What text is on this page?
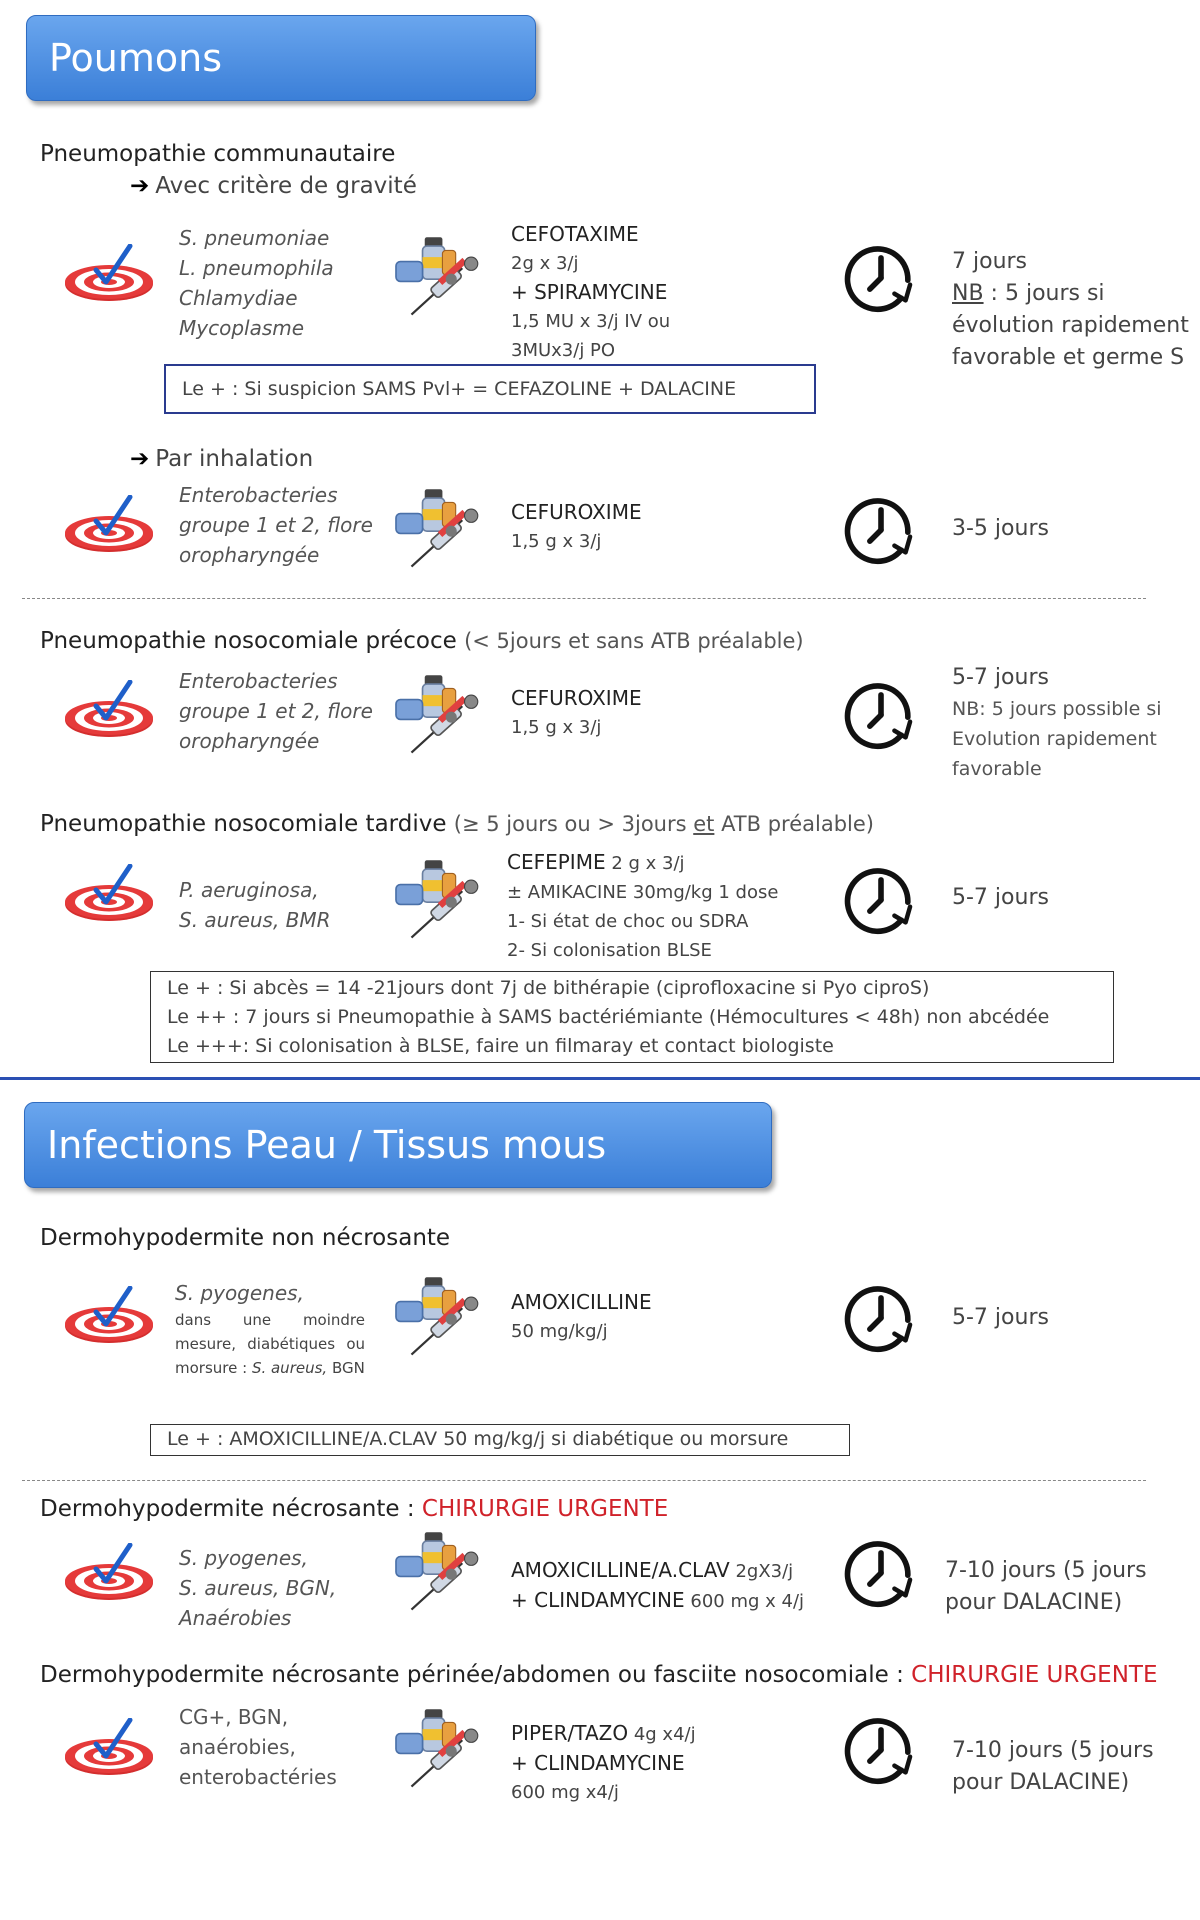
Poumons
Pneumopathie communautaire
➔ Avec critère de gravité
S. pneumoniae
L. pneumophila
Chlamydiae
Mycoplasme
CEFOTAXIME
2g x 3/j
+ SPIRAMYCINE
1,5 MU x 3/j IV ou
3MUx3/j PO
7 jours
NB : 5 jours si
évolution rapidement
favorable et germe S
Le + : Si suspicion SAMS Pvl+ = CEFAZOLINE + DALACINE
➔ Par inhalation
Enterobacteries
groupe 1 et 2, flore
oropharyngée
CEFUROXIME
1,5 g x 3/j
3-5 jours
Pneumopathie nosocomiale précoce (< 5jours et sans ATB préalable)
Enterobacteries
groupe 1 et 2, flore
oropharyngée
CEFUROXIME
1,5 g x 3/j
5-7 jours
NB: 5 jours possible si
Evolution rapidement
favorable
Pneumopathie nosocomiale tardive (≥ 5 jours ou > 3jours et ATB préalable)
P. aeruginosa,
S. aureus, BMR
CEFEPIME 2 g x 3/j
± AMIKACINE 30mg/kg 1 dose
1- Si état de choc ou SDRA
2- Si colonisation BLSE
5-7 jours
Le + : Si abcès = 14 -21jours dont 7j de bithérapie (ciprofloxacine si Pyo ciproS)
Le ++ : 7 jours si Pneumopathie à SAMS bactériémiante (Hémocultures < 48h) non abcédée
Le +++: Si colonisation à BLSE, faire un filmaray et contact biologiste
Infections Peau / Tissus mous
Dermohypodermite non nécrosante
S. pyogenes,
dans une moindre mesure, diabétiques ou morsure : S. aureus, BGN
AMOXICILLINE
50 mg/kg/j
5-7 jours
Le + : AMOXICILLINE/A.CLAV 50 mg/kg/j si diabétique ou morsure
Dermohypodermite nécrosante : CHIRURGIE URGENTE
S. pyogenes,
S. aureus, BGN,
Anaérobies
AMOXICILLINE/A.CLAV 2gX3/j
+ CLINDAMYCINE 600 mg x 4/j
7-10 jours (5 jours
pour DALACINE)
Dermohypodermite nécrosante périnée/abdomen ou fasciite nosocomiale : CHIRURGIE URGENTE
CG+, BGN,
anaérobies,
enterobactéries
PIPER/TAZO 4g x4/j
+ CLINDAMYCINE
600 mg x4/j
7-10 jours (5 jours
pour DALACINE)
